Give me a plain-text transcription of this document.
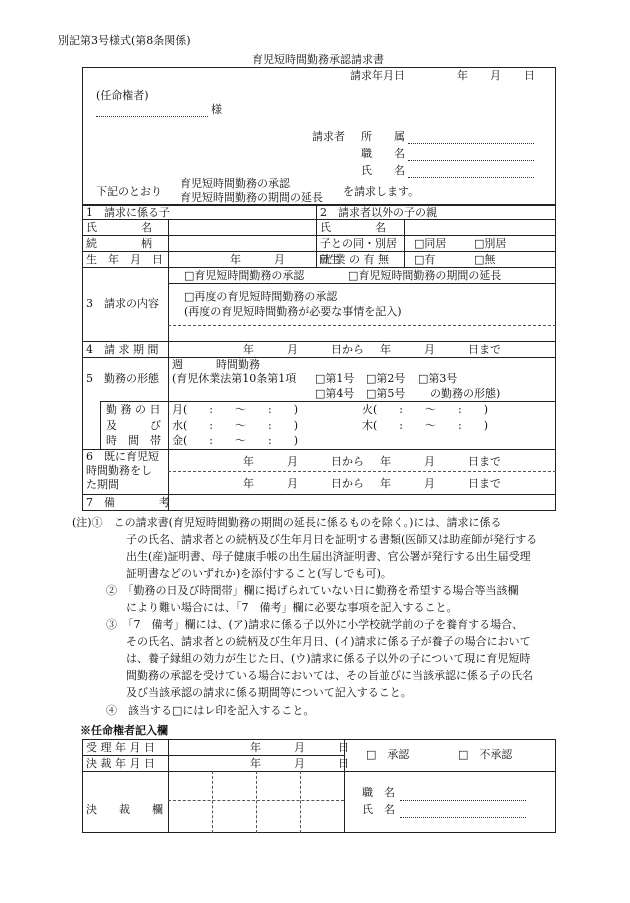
別記第3号様式(第8条関係)
育児短時間勤務承認請求書
請求年月日	年 月 日
(任命権者)
様
請求者 所　　属
職　　名
氏　　名
下記のとおり
育児短時間勤務の承認
育児短時間勤務の期間の延長 を請求します。
1　請求に係る子	2　請求者以外の子の親
氏　　　　名	氏　　　　名
続　　　　柄	子との同・別居 □同居	□別居
生　年　月　日	年　　　月　　　日生
就 業 の 有 無 □有	□無
3　請求の内容
□育児短時間勤務の承認	□育児短時間勤務の期間の延長
□再度の育児短時間勤務の承認
(再度の育児短時間勤務が必要な事情を記入)
4　請 求 期 間	年　　　月　　　日から 年　　　月　　　日まで
5　勤務の形態
週　　　時間勤務
(育児休業法第10条第1項 □第1号 □第2号 □第3号
□第4号 □第5号 の勤務の形態)
勤 務 の 日
及　　　び
時　間　帯
月(　　:　　〜　　:　　)	火(　　:　　〜　　:　　)
水(　　:　　〜　　:　　)	木(　　:　　〜　　:　　)
金(　　:　　〜　　:　　)
6　既に育児短
時間勤務をし
た期間
年　　　月　　　日から 年　　　月　　　日まで
年　　　月　　　日から 年　　　月　　　日まで
7　備　　　　考
(注)①　この請求書(育児短時間勤務の期間の延長に係るものを除く。)には、請求に係る
子の氏名、請求者との続柄及び生年月日を証明する書類(医師又は助産師が発行する
出生(産)証明書、母子健康手帳の出生届出済証明書、官公署が発行する出生届受理
証明書などのいずれか)を添付すること(写しでも可)。
②　「勤務の日及び時間帯」欄に掲げられていない日に勤務を希望する場合等当該欄
により難い場合には、「7　備考」欄に必要な事項を記入すること。
③　「7　備考」欄には、(ア)請求に係る子以外に小学校就学前の子を養育する場合、
その氏名、請求者との続柄及び生年月日、(イ)請求に係る子が養子の場合において
は、養子縁組の効力が生じた日、(ウ)請求に係る子以外の子について現に育児短時
間勤務の承認を受けている場合においては、その旨並びに当該承認に係る子の氏名
及び当該承認の請求に係る期間等について記入すること。
④　該当する□にはレ印を記入すること。
※任命権者記入欄
受 理 年 月 日	年　　　月　　　日
決 裁 年 月 日	年　　　月　　　日
決　　裁　　欄
□　承認	□　不承認
職　名
氏　名
